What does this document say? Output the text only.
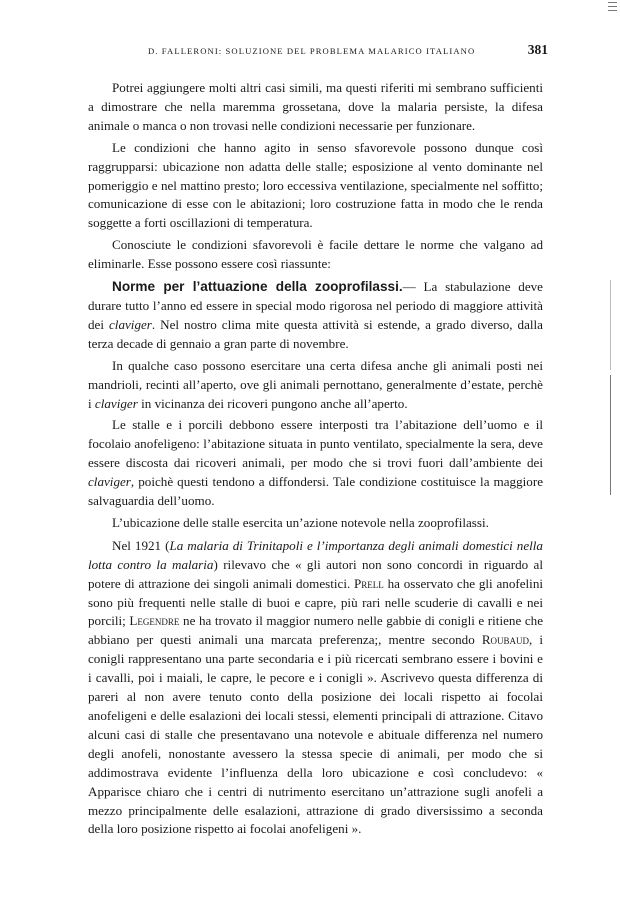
D. FALLERONI: SOLUZIONE DEL PROBLEMA MALARICO ITALIANO	381

Potrei aggiungere molti altri casi simili, ma questi riferiti mi sembrano sufficienti a dimostrare che nella maremma grossetana, dove la malaria persiste, la difesa animale o manca o non trovasi nelle condizioni necessarie per funzionare.

Le condizioni che hanno agito in senso sfavorevole possono dunque così raggrupparsi: ubicazione non adatta delle stalle; esposizione al vento dominante nel pomeriggio e nel mattino presto; loro eccessiva ventilazione, specialmente nel soffitto; comunicazione di esse con le abitazioni; loro costruzione fatta in modo che le renda soggette a forti oscillazioni di temperatura.

Conosciute le condizioni sfavorevoli è facile dettare le norme che valgano ad eliminarle. Esse possono essere così riassunte:

Norme per l’attuazione della zooprofilassi.— La stabulazione deve durare tutto l’anno ed essere in special modo rigorosa nel periodo di maggiore attività dei claviger. Nel nostro clima mite questa attività si estende, a grado diverso, dalla terza decade di gennaio a gran parte di novembre.

In qualche caso possono esercitare una certa difesa anche gli animali posti nei mandrioli, recinti all’aperto, ove gli animali pernottano, generalmente d’estate, perchè i claviger in vicinanza dei ricoveri pungono anche all’aperto.

Le stalle e i porcili debbono essere interposti tra l’abitazione dell’uomo e il focolaio anofeligeno: l’abitazione situata in punto ventilato, specialmente la sera, deve essere discosta dai ricoveri animali, per modo che si trovi fuori dall’ambiente dei claviger, poichè questi tendono a diffondersi. Tale condizione costituisce la maggiore salvaguardia dell’uomo.

L’ubicazione delle stalle esercita un’azione notevole nella zooprofilassi.

Nel 1921 (La malaria di Trinitapoli e l’importanza degli animali domestici nella lotta contro la malaria) rilevavo che « gli autori non sono concordi in riguardo al potere di attrazione dei singoli animali domestici. Prell ha osservato che gli anofelini sono più frequenti nelle stalle di buoi e capre, più rari nelle scuderie di cavalli e nei porcili; Legendre ne ha trovato il maggior numero nelle gabbie di conigli e ritiene che abbiano per questi animali una marcata preferenza;, mentre secondo Roubaud, i conigli rappresentano una parte secondaria e i più ricercati sembrano essere i bovini e i cavalli, poi i maiali, le capre, le pecore e i conigli ». Ascrivevo questa differenza di pareri al non avere tenuto conto della posizione dei locali rispetto ai focolai anofeligeni e delle esalazioni dei locali stessi, elementi principali di attrazione. Citavo alcuni casi di stalle che presentavano una notevole e abituale differenza nel numero degli anofeli, nonostante avessero la stessa specie di animali, per modo che si addimostrava evidente l’influenza della loro ubicazione e così concludevo: « Apparisce chiaro che i centri di nutrimento esercitano un’attrazione sugli anofeli a mezzo principalmente delle esalazioni, attrazione di grado diversissimo a seconda della loro posizione rispetto ai focolai anofeligeni ».
